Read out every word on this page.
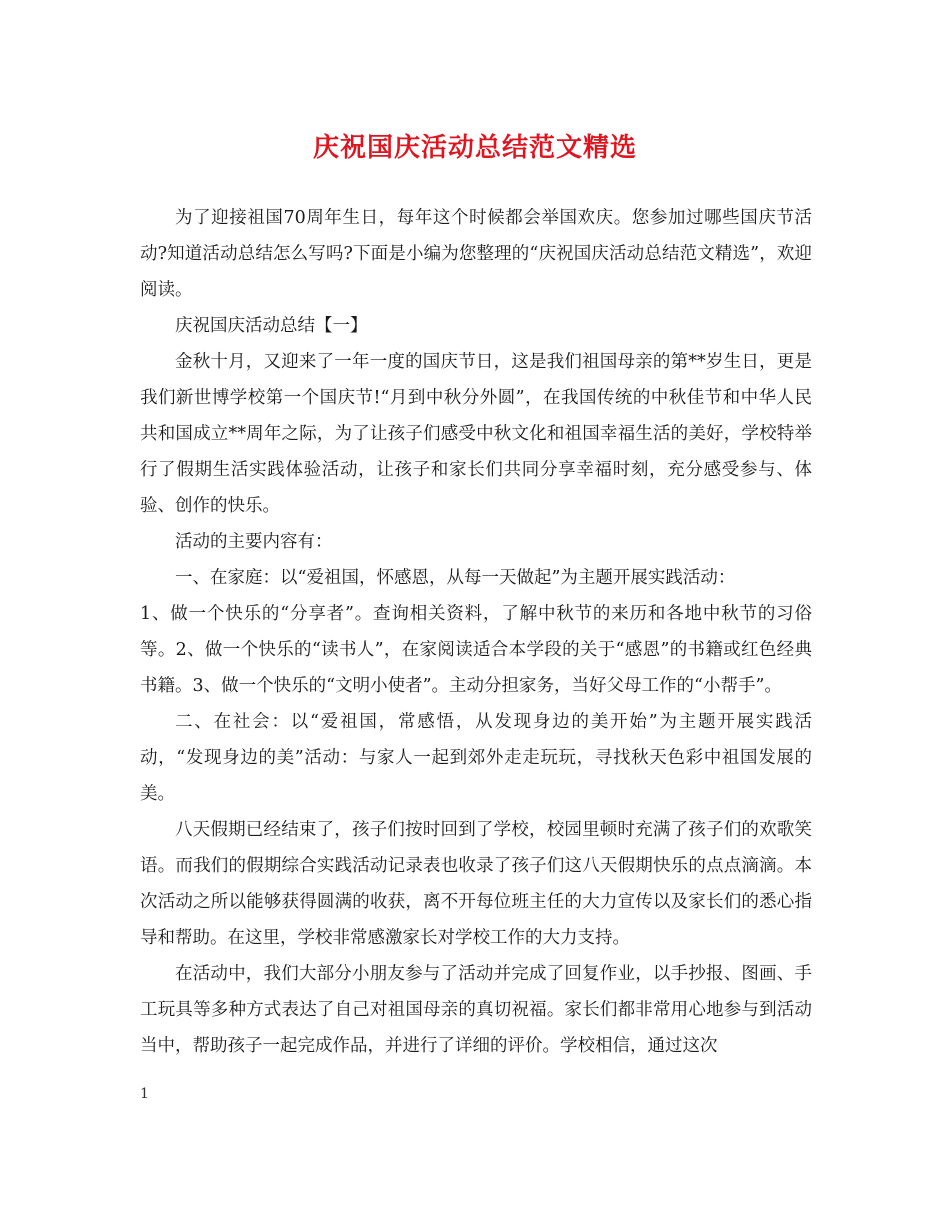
庆祝国庆活动总结范文精选

为了迎接祖国70周年生日，每年这个时候都会举国欢庆。您参加过哪些国庆节活动?知道活动总结怎么写吗?下面是小编为您整理的“庆祝国庆活动总结范文精选”，欢迎阅读。

庆祝国庆活动总结【一】

金秋十月，又迎来了一年一度的国庆节日，这是我们祖国母亲的第**岁生日，更是我们新世博学校第一个国庆节!“月到中秋分外圆”，在我国传统的中秋佳节和中华人民共和国成立**周年之际，为了让孩子们感受中秋文化和祖国幸福生活的美好，学校特举行了假期生活实践体验活动，让孩子和家长们共同分享幸福时刻，充分感受参与、体验、创作的快乐。

活动的主要内容有：

一、在家庭：以“爱祖国，怀感恩，从每一天做起”为主题开展实践活动：

1、做一个快乐的“分享者”。查询相关资料，了解中秋节的来历和各地中秋节的习俗等。2、做一个快乐的“读书人”，在家阅读适合本学段的关于“感恩”的书籍或红色经典书籍。3、做一个快乐的“文明小使者”。主动分担家务，当好父母工作的“小帮手”。

二、在社会：以“爱祖国，常感悟，从发现身边的美开始”为主题开展实践活动，“发现身边的美”活动：与家人一起到郊外走走玩玩，寻找秋天色彩中祖国发展的美。

八天假期已经结束了，孩子们按时回到了学校，校园里顿时充满了孩子们的欢歌笑语。而我们的假期综合实践活动记录表也收录了孩子们这八天假期快乐的点点滴滴。本次活动之所以能够获得圆满的收获，离不开每位班主任的大力宣传以及家长们的悉心指导和帮助。在这里，学校非常感激家长对学校工作的大力支持。

在活动中，我们大部分小朋友参与了活动并完成了回复作业，以手抄报、图画、手工玩具等多种方式表达了自己对祖国母亲的真切祝福。家长们都非常用心地参与到活动当中，帮助孩子一起完成作品，并进行了详细的评价。学校相信，通过这次

1
